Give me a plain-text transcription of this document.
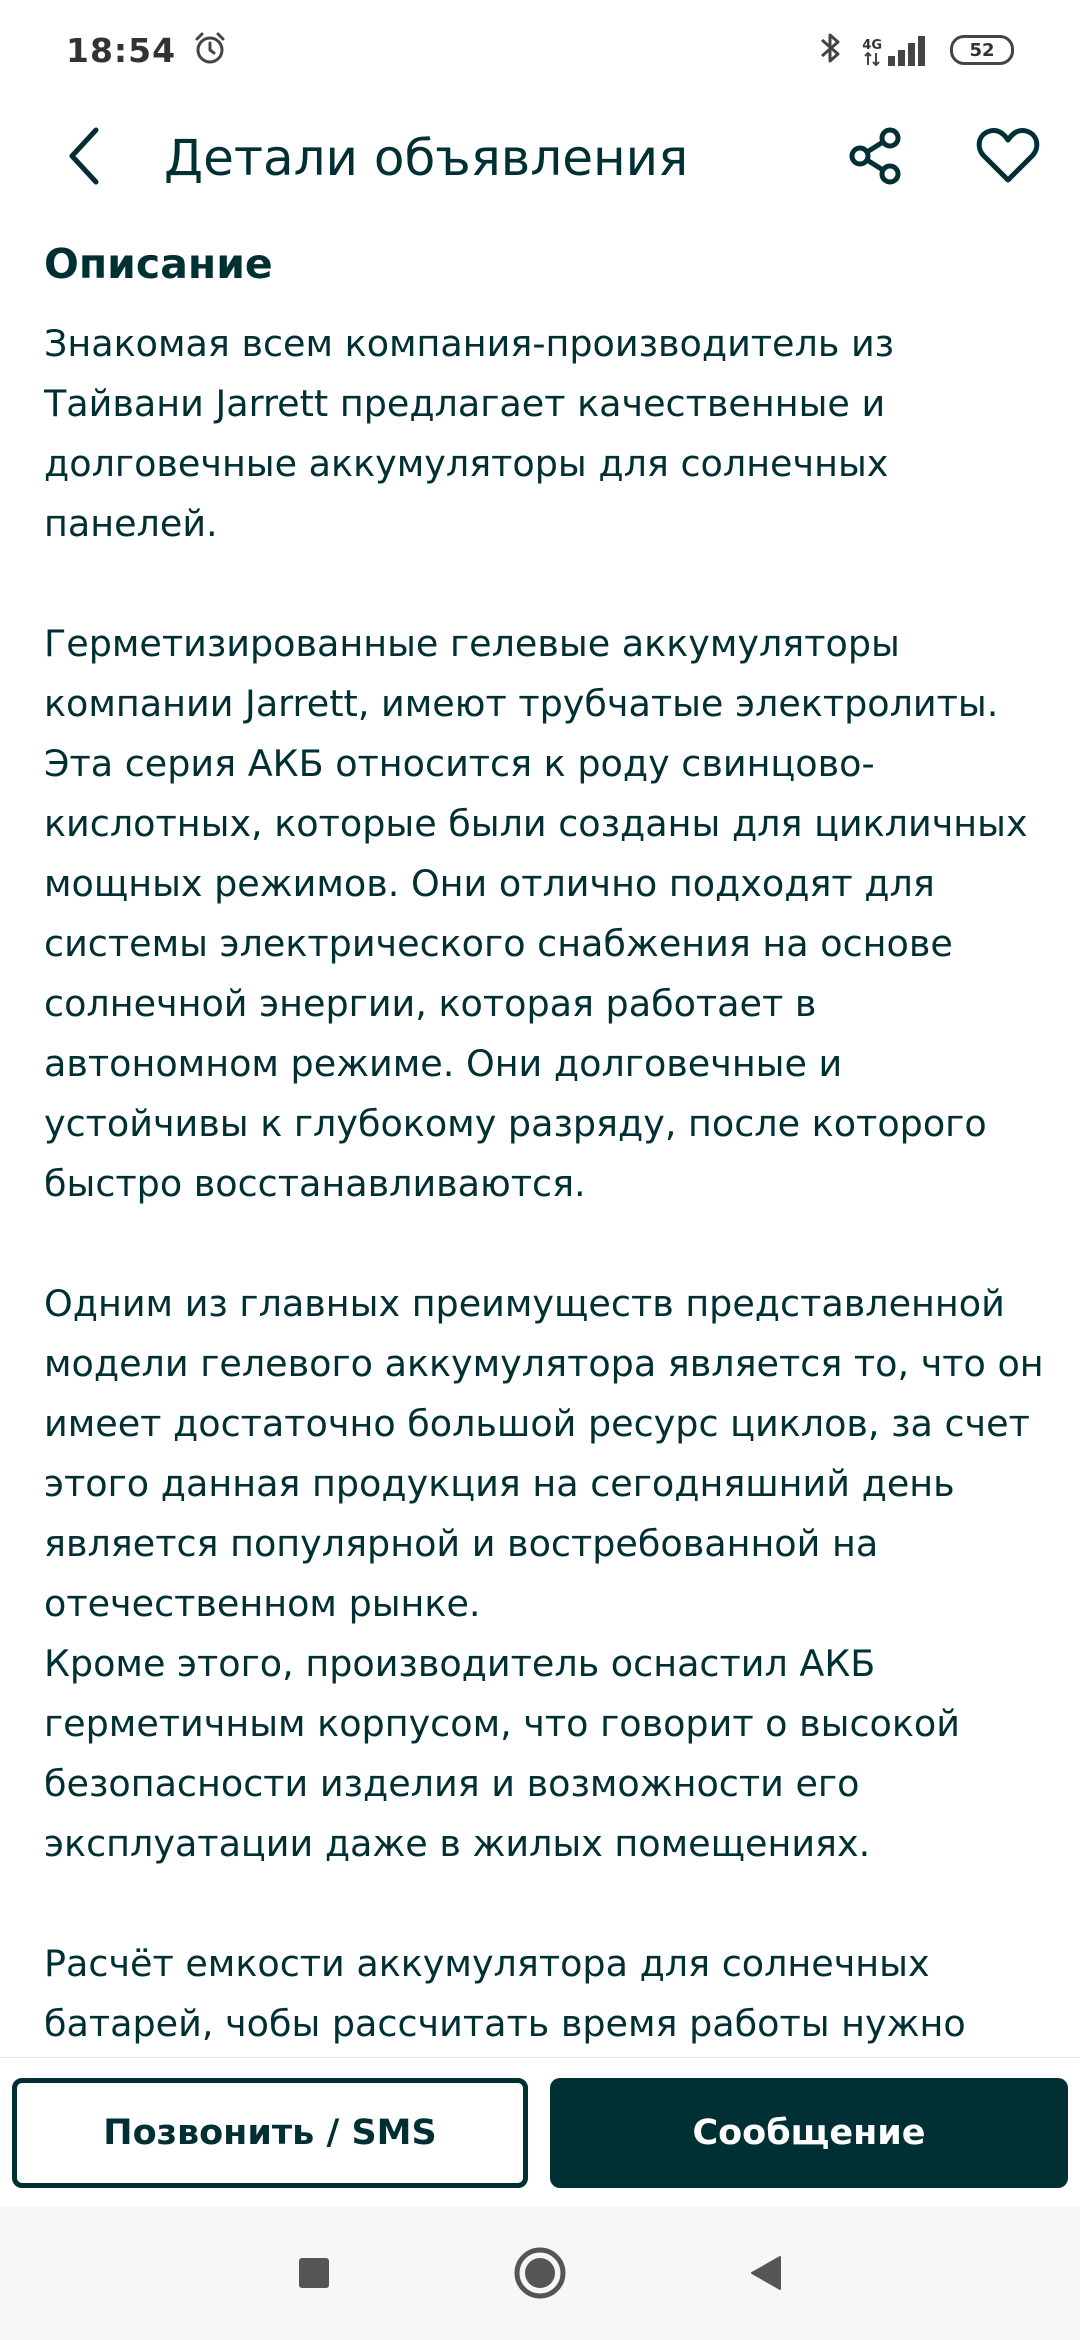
18:54	4G	52
Детали объявления
Описание

Знакомая всем компания-производитель из Тайвани Jarrett предлагает качественные и долговечные аккумуляторы для солнечных панелей.

Герметизированные гелевые аккумуляторы компании Jarrett, имеют трубчатые электролиты. Эта серия АКБ относится к роду свинцово-кислотных, которые были созданы для цикличных мощных режимов. Они отлично подходят для системы электрического снабжения на основе солнечной энергии, которая работает в автономном режиме. Они долговечные и устойчивы к глубокому разряду, после которого быстро восстанавливаются.

Одним из главных преимуществ представленной модели гелевого аккумулятора является то, что он имеет достаточно большой ресурс циклов, за счет этого данная продукция на сегодняшний день является популярной и востребованной на отечественном рынке.
Кроме этого, производитель оснастил АКБ герметичным корпусом, что говорит о высокой безопасности изделия и возможности его эксплуатации даже в жилых помещениях.

Расчёт емкости аккумулятора для солнечных батарей, чобы рассчитать время работы нужно

Позвонить / SMS	Сообщение
